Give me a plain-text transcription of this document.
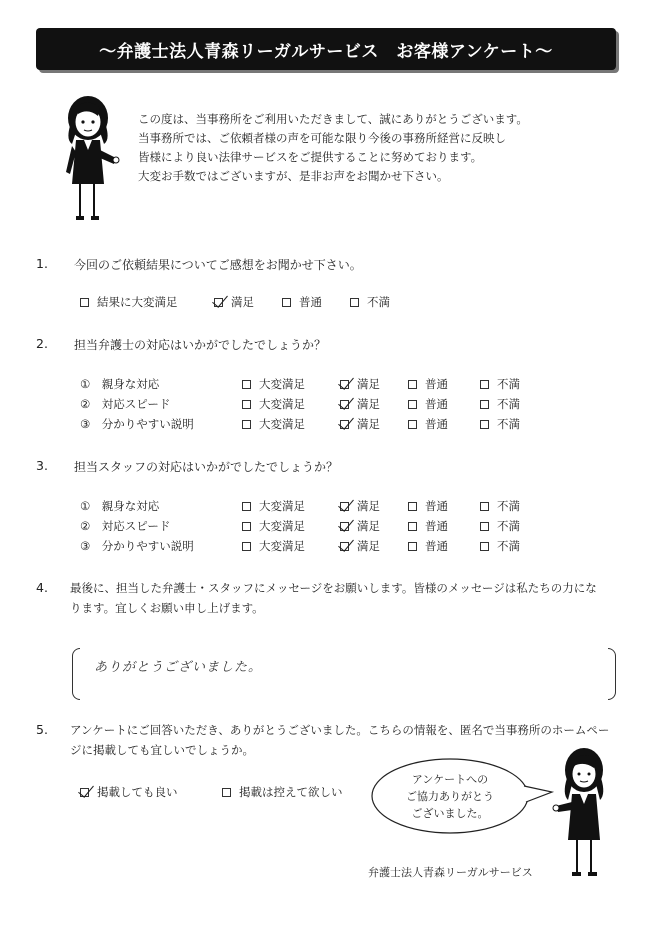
〜弁護士法人青森リーガルサービス　お客様アンケート〜
この度は、当事務所をご利用いただきまして、誠にありがとうございます。
当事務所では、ご依頼者様の声を可能な限り今後の事務所経営に反映し
皆様により良い法律サービスをご提供することに努めております。
大変お手数ではございますが、是非お声をお聞かせ下さい。
1. 今回のご依頼結果についてご感想をお聞かせ下さい。
結果に大変満足	満足	普通	不満
2. 担当弁護士の対応はいかがでしたでしょうか？
①　親身な対応	大変満足	満足	普通	不満
②　対応スピード	大変満足	満足	普通	不満
③　分かりやすい説明	大変満足	満足	普通	不満
3. 担当スタッフの対応はいかがでしたでしょうか？
①　親身な対応	大変満足	満足	普通	不満
②　対応スピード	大変満足	満足	普通	不満
③　分かりやすい説明	大変満足	満足	普通	不満
4. 最後に、担当した弁護士・スタッフにメッセージをお願いします。皆様のメッセージは私たちの力にな
ります。宜しくお願い申し上げます。
ありがとうございました。
5. アンケートにご回答いただき、ありがとうございました。こちらの情報を、匿名で当事務所のホームペー
ジに掲載しても宜しいでしょうか。
掲載しても良い	掲載は控えて欲しい
アンケートへの
ご協力ありがとう
ございました。
弁護士法人青森リーガルサービス
